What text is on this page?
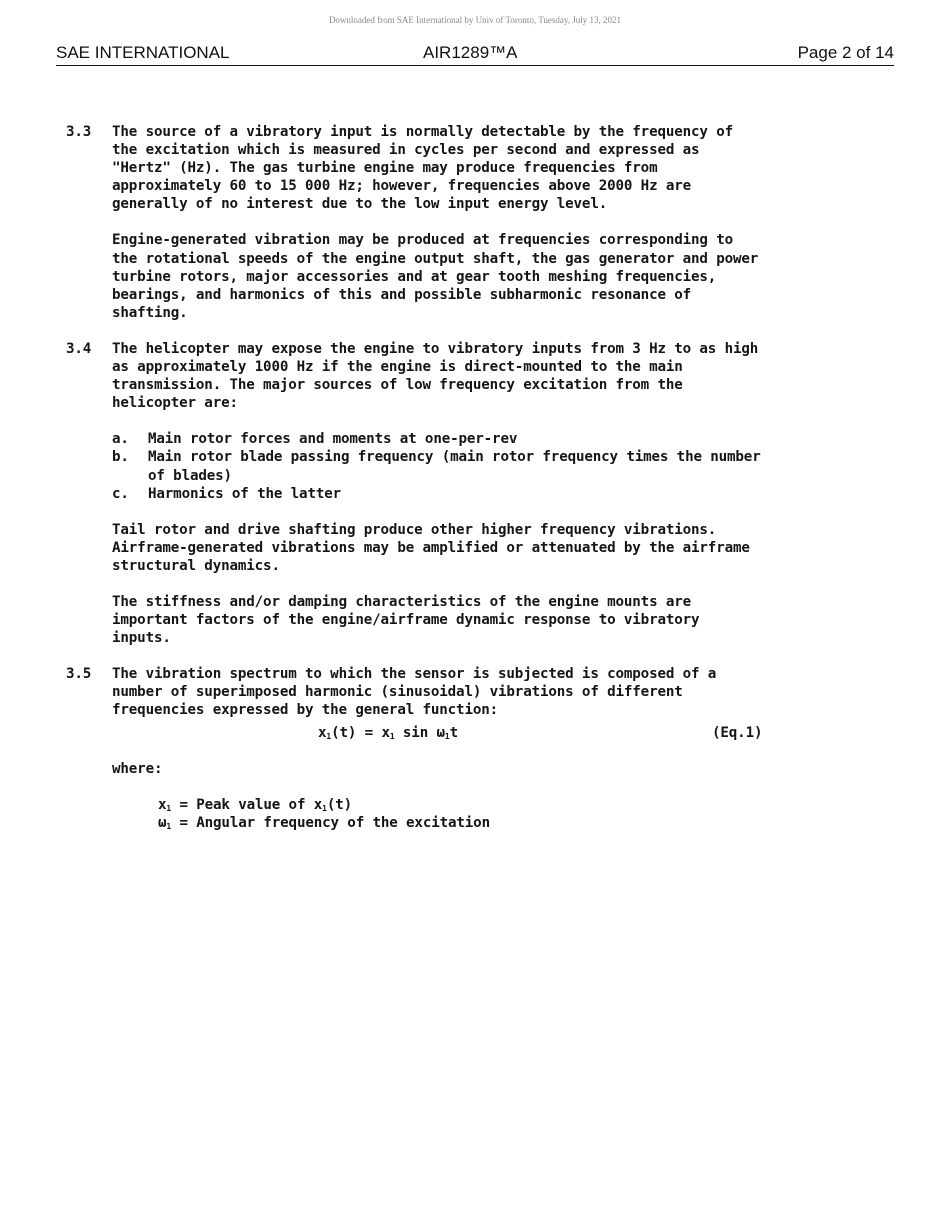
Downloaded from SAE International by Univ of Toronto, Tuesday, July 13, 2021
SAE INTERNATIONAL	AIR1289™A	Page 2 of 14
3.3	The source of a vibratory input is normally detectable by the frequency of
the excitation which is measured in cycles per second and expressed as
"Hertz" (Hz). The gas turbine engine may produce frequencies from
approximately 60 to 15 000 Hz; however, frequencies above 2000 Hz are
generally of no interest due to the low input energy level.

Engine-generated vibration may be produced at frequencies corresponding to
the rotational speeds of the engine output shaft, the gas generator and power
turbine rotors, major accessories and at gear tooth meshing frequencies,
bearings, and harmonics of this and possible subharmonic resonance of
shafting.

3.4	The helicopter may expose the engine to vibratory inputs from 3 Hz to as high
as approximately 1000 Hz if the engine is direct-mounted to the main
transmission. The major sources of low frequency excitation from the
helicopter are:

a.	Main rotor forces and moments at one-per-rev
b.	Main rotor blade passing frequency (main rotor frequency times the number
of blades)
c.	Harmonics of the latter

Tail rotor and drive shafting produce other higher frequency vibrations.
Airframe-generated vibrations may be amplified or attenuated by the airframe
structural dynamics.

The stiffness and/or damping characteristics of the engine mounts are
important factors of the engine/airframe dynamic response to vibratory
inputs.

3.5	The vibration spectrum to which the sensor is subjected is composed of a
number of superimposed harmonic (sinusoidal) vibrations of different
frequencies expressed by the general function:

$x_1(t) = x_1$ $\sin \omega_1t$	(Eq.1)
where:
$x_1$ = Peak value of $x_1(t)$
$\omega_1$ = Angular frequency of the excitation
